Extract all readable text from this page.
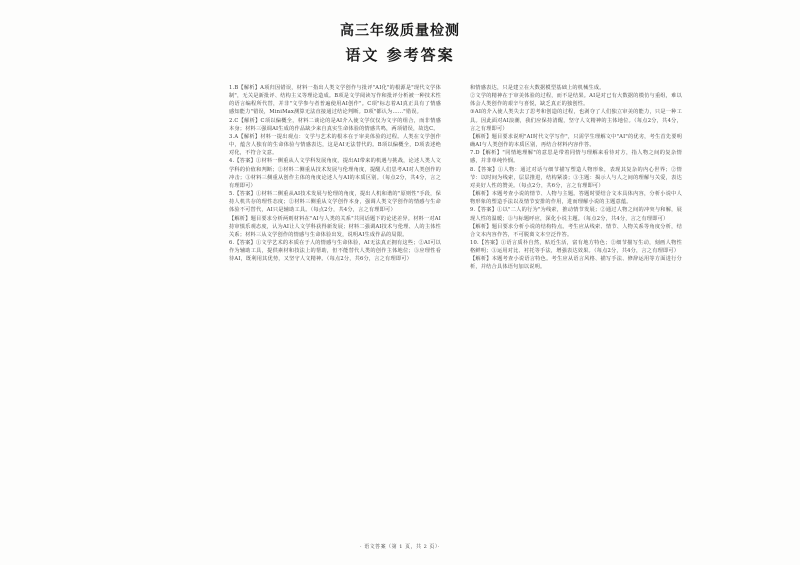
高三年级质量检测
语文 参考答案

1.B【解析】A项归因错误，材料一指出人类文学创作与批评"AI化"的根源是"现代文学体制"，无关是新批评、结构主义等理论造成。B项是文学阅读写作和批评分析被一种技术性的语言编程所代替，并非"文学参与者普遍使用AI创作"。C项"标志着AI真正具有了情感感知能力"错误，MiniMax测算无法直接通过结论判断。D项"都认为……"错误。

2.C【解析】C项以偏概全，材料二谈论的是AI介入使文学仅仅为文字的组合，而非情感本身；材料三强调AI生成的作品缺少来自真实生命体验的情感共鸣，两项错误，故选C。

3.A【解析】材料一提出观点：文学与艺术的根本在于审美体验的过程。人类在文学创作中，蕴含人独有的生命体验与情感表达，这是AI无法替代的。B项以偏概全，D项表述绝对化，不符合文意。

4.【答案】①材料一侧重从人文学科发展角度，提出AI带来的机遇与挑战，论述人类人文学科的价值和判断；②材料二侧重从技术发展与伦理角度，提醒人们思考AI对人类创作的冲击；③材料三侧重从创作主体的角度论述人与AI的本质区别。（每点2分，共4分，言之有理即可）

5.【答案】①材料二侧重从AI技术发展与伦理的角度，提出人机和谐的"原则性"手段，保持人机共存的理性态度；②材料三侧重从文学创作本身，强调人类文学创作的情感与生命体验不可替代，AI只是辅助工具。（每点2分，共4分，言之有理即可）

【解析】题目要求分析两则材料在"AI与人类的关系"共同话题下的论述差异。材料一对AI持审慎乐观态度，认为AI让人文学科获得新发展；材料二强调AI技术与伦理、人的主体性关系；材料三从文学创作的情感与生命体验出发，说明AI生成作品的局限。

6.【答案】①文学艺术的本质在于人的情感与生命体验，AI无法真正拥有这些；②AI可以作为辅助工具，提供素材和技法上的帮助，但不能替代人类的创作主体地位；③应理性看待AI，既利用其优势，又坚守人文精神。（每点2分，共6分，言之有理即可）

和情感表达，只是建立在大数据模型基础上的机械生成。

②文学的精神在于审美体验的过程，而不是结果。AI是对已有大数据的模仿与重组，难以体会人类创作的艰辛与喜悦，缺乏真正的独创性。

③AI的介入使人类失去了思考和创造的过程，也剥夺了人们独立审美的能力，只是一种工具。因此面对AI浪潮，我们应保持清醒，坚守人文精神的主体地位。（每点2分，共4分，言之有理即可）

【解析】题目要求说明"AI时代文学写作"，只需学生理解文中"AI"的优劣，考生首先要明确AI与人类创作的本质区别，再结合材料内容作答。

7.D【解析】"同情地理解"的意思是带着同情与理解来看待对方，指人物之间的复杂情感，并非单纯怜悯。

8.【答案】①人物：通过对话与细节描写塑造人物形象，表现其复杂的内心世界；②情节：以时间为线索，层层推进，结构紧凑；③主题：揭示人与人之间的理解与关爱，表达对美好人性的赞美。（每点2分，共6分，言之有理即可）

【解析】本题考查小说的情节、人物与主题。答题时要结合文本具体内容，分析小说中人物形象的塑造手法以及情节安排的作用，进而理解小说的主题意蕴。

9.【答案】①以"二人的行为"为线索，推动情节发展；②通过人物之间的冲突与和解，展现人性的温暖；③与标题呼应，深化小说主题。（每点2分，共4分，言之有理即可）

【解析】题目要求分析小说的结构特点。考生应从线索、情节、人物关系等角度分析，结合文本内容作答，不可脱离文本空泛作答。

10.【答案】①语言质朴自然，贴近生活，富有地方特色；②细节描写生动，刻画人物性格鲜明；③运用对比、衬托等手法，增强表达效果。（每点2分，共4分，言之有理即可）

【解析】本题考查小说语言特色。考生应从语言风格、描写手法、修辞运用等方面进行分析，并结合具体语句加以说明。

· 语文答案（第 1 页，共 2 页）·
